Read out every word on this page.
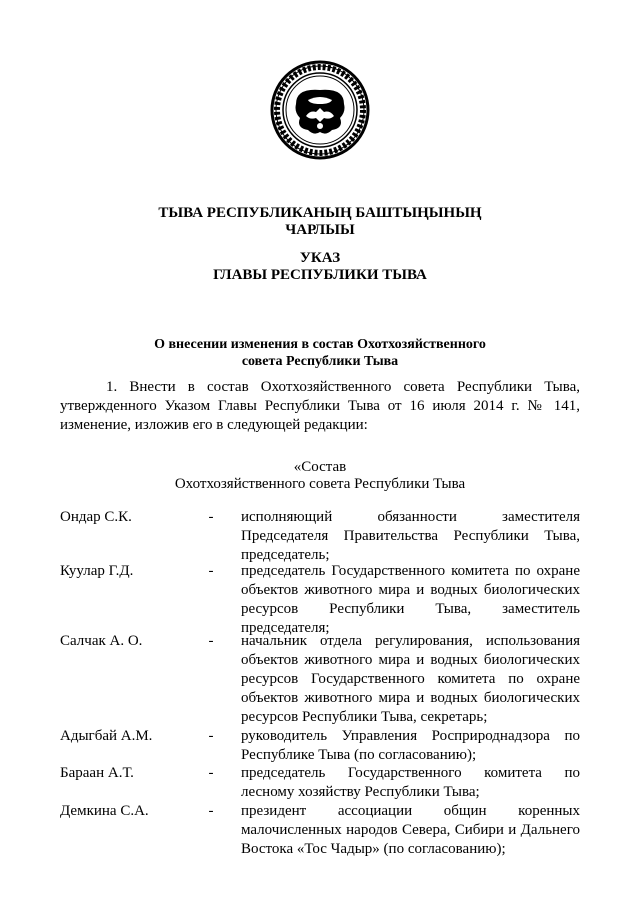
ТЫВА РЕСПУБЛИКАНЫҢ БАШТЫҢЫНЫҢ
ЧАРЛЫЫ
УКАЗ
ГЛАВЫ РЕСПУБЛИКИ ТЫВА
О внесении изменения в состав Охотхозяйственного
совета Республики Тыва
1. Внести в состав Охотхозяйственного совета Республики Тыва,
утвержденного Указом Главы Республики Тыва от 16 июля 2014 г. № 141,
изменение, изложив его в следующей редакции:
«Состав
Охотхозяйственного совета Республики Тыва
Ондар С.К.	- исполняющий обязанности заместителя
Председателя Правительства Республики Тыва,
председатель;
Куулар Г.Д.	- председатель Государственного комитета по охране
объектов животного мира и водных биологических
ресурсов Республики Тыва, заместитель
председателя;
Салчак А. О.	- начальник отдела регулирования, использования
объектов животного мира и водных биологических
ресурсов Государственного комитета по охране
объектов животного мира и водных биологических
ресурсов Республики Тыва, секретарь;
Адыгбай А.М.	- руководитель Управления Росприроднадзора по
Республике Тыва (по согласованию);
Бараан А.Т.	- председатель Государственного комитета по
лесному хозяйству Республики Тыва;
Демкина С.А.	- президент ассоциации общин коренных
малочисленных народов Севера, Сибири и Дальнего
Востока «Тос Чадыр» (по согласованию);
